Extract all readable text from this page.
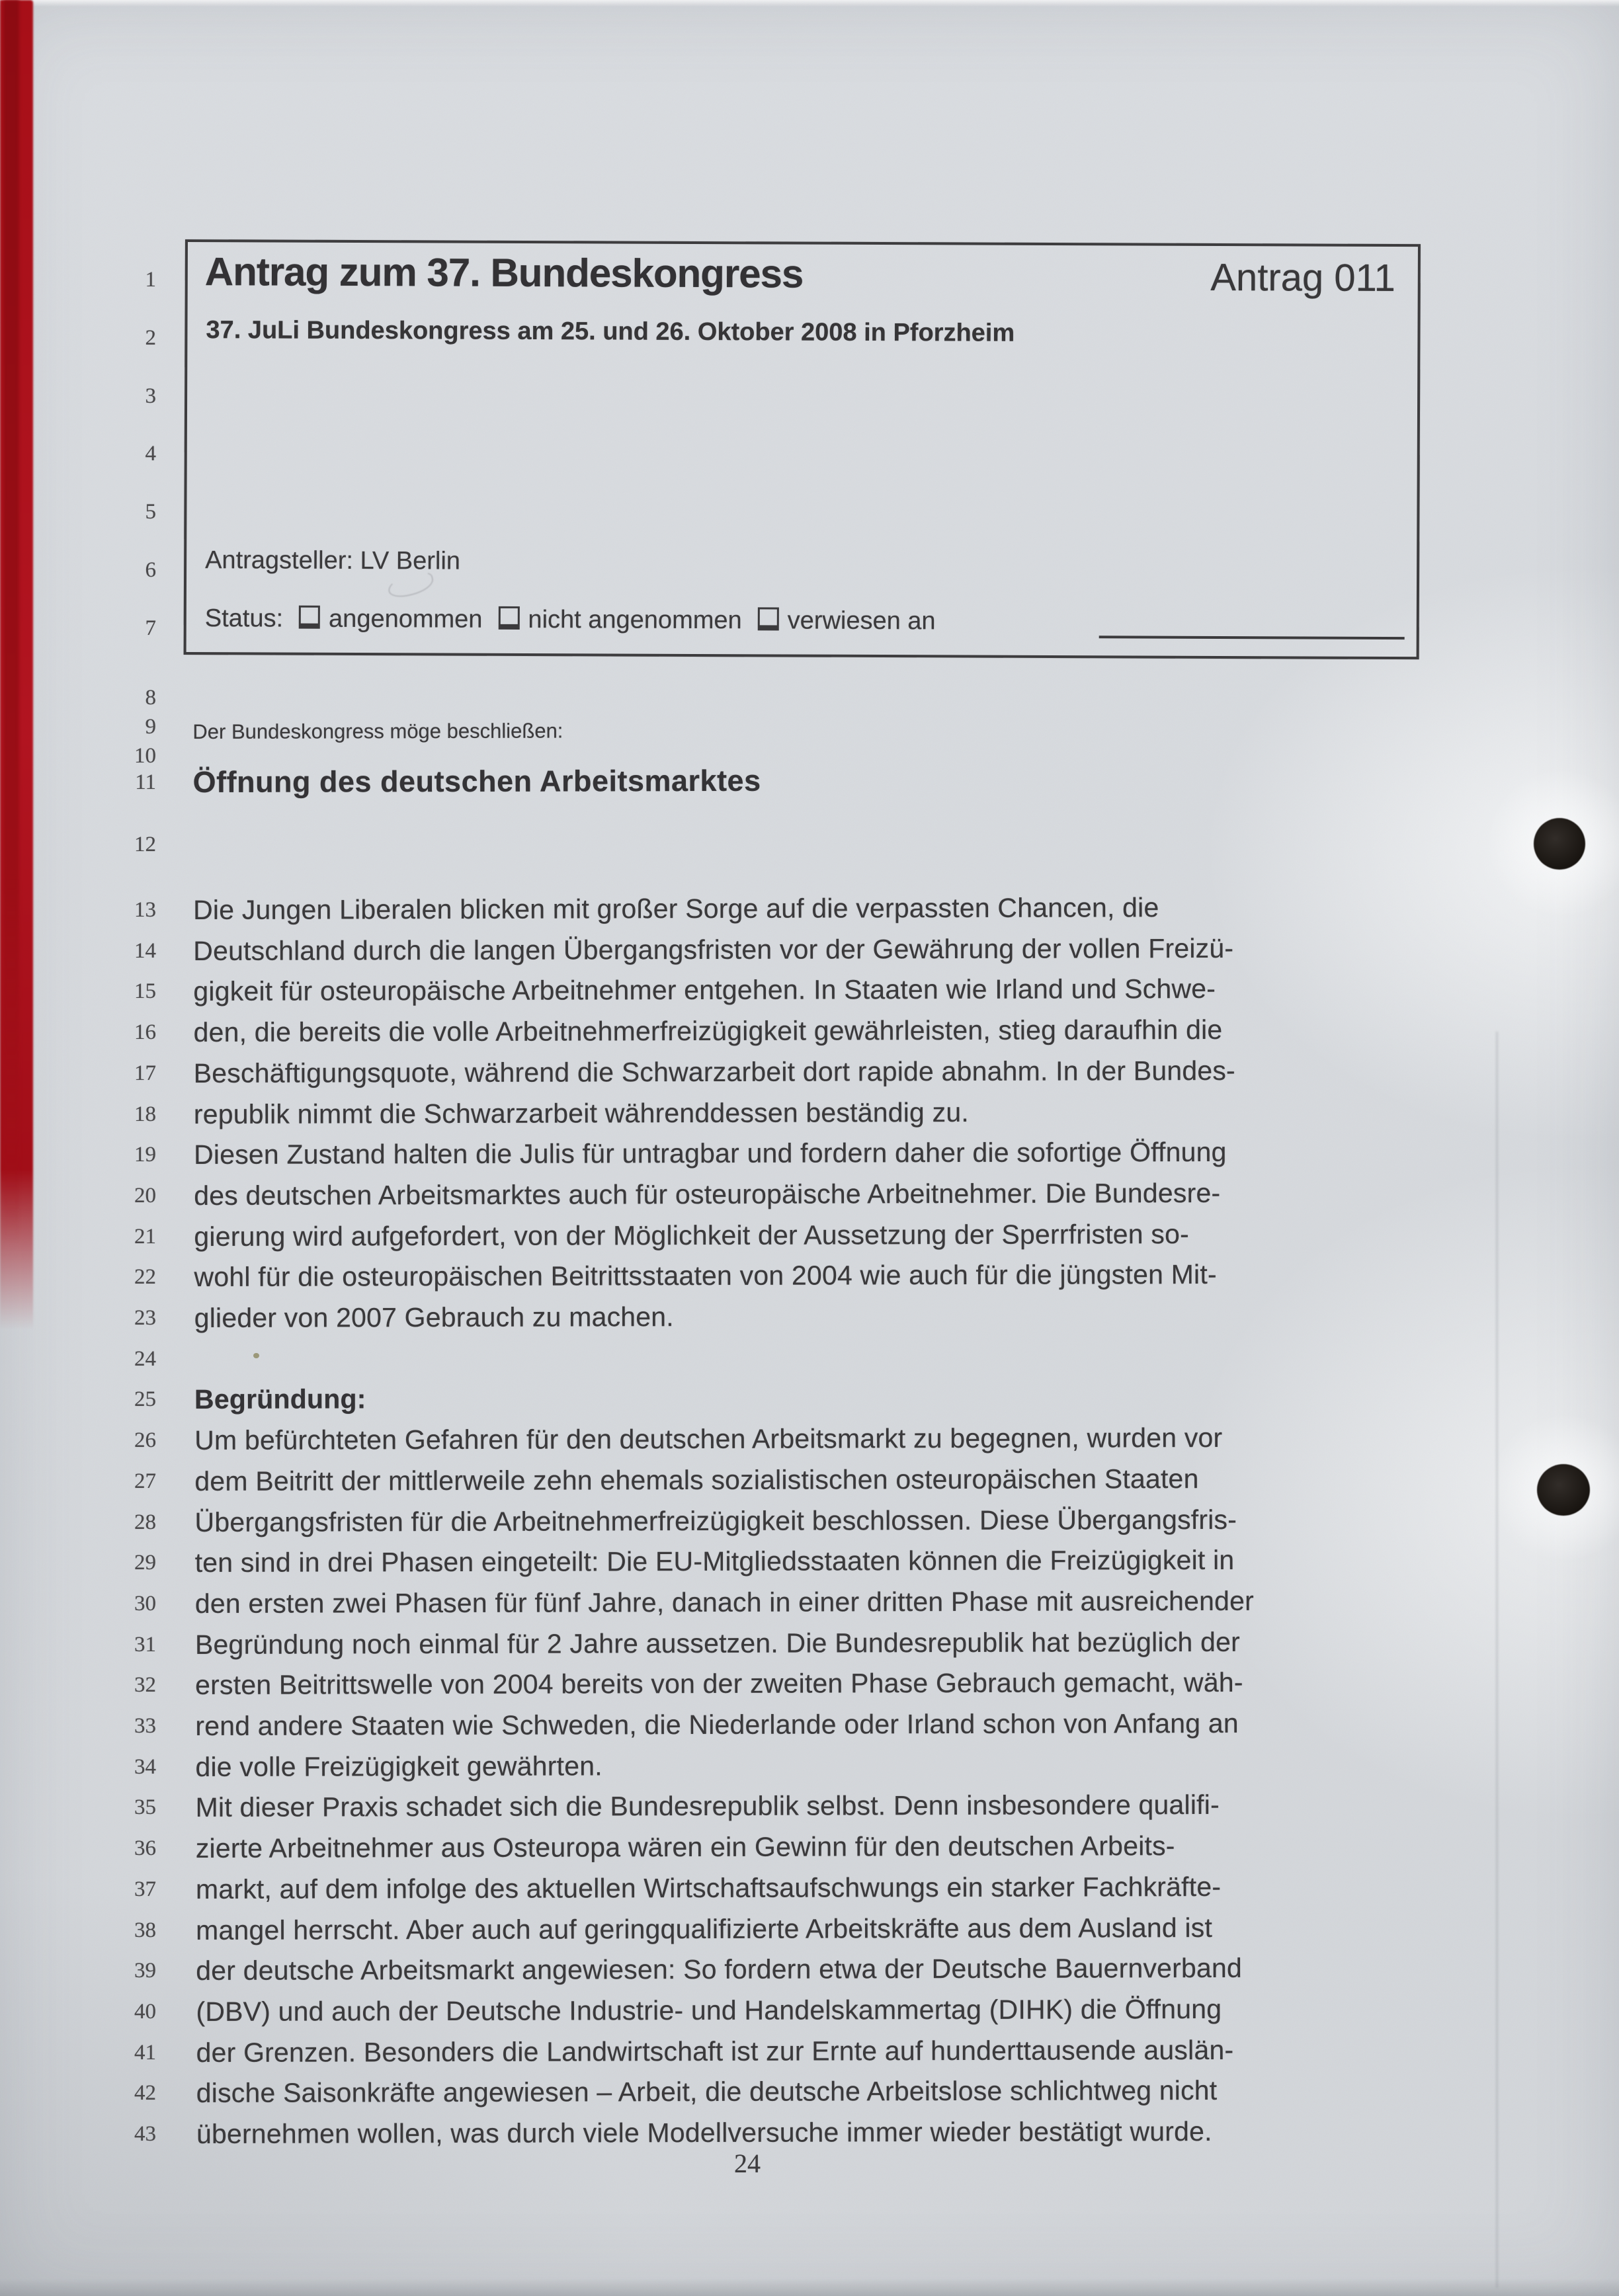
1
2
3
4
5
6
7
8
9
10
11
12
13
14
15
16
17
18
19
20
21
22
23
24
25
26
27
28
29
30
31
32
33
34
35
36
37
38
39
40
41
42
43
Antrag zum 37. Bundeskongress	Antrag 011
37. JuLi Bundeskongress am 25. und 26. Oktober 2008 in Pforzheim
Antragsteller: LV Berlin
Status: angenommen nicht angenommen verwiesen an
Der Bundeskongress möge beschließen:
Öffnung des deutschen Arbeitsmarktes
Die Jungen Liberalen blicken mit großer Sorge auf die verpassten Chancen, die
Deutschland durch die langen Übergangsfristen vor der Gewährung der vollen Freizü-
gigkeit für osteuropäische Arbeitnehmer entgehen. In Staaten wie Irland und Schwe-
den, die bereits die volle Arbeitnehmerfreizügigkeit gewährleisten, stieg daraufhin die
Beschäftigungsquote, während die Schwarzarbeit dort rapide abnahm. In der Bundes-
republik nimmt die Schwarzarbeit währenddessen beständig zu.
Diesen Zustand halten die Julis für untragbar und fordern daher die sofortige Öffnung
des deutschen Arbeitsmarktes auch für osteuropäische Arbeitnehmer. Die Bundesre-
gierung wird aufgefordert, von der Möglichkeit der Aussetzung der Sperrfristen so-
wohl für die osteuropäischen Beitrittsstaaten von 2004 wie auch für die jüngsten Mit-
glieder von 2007 Gebrauch zu machen.
Begründung:
Um befürchteten Gefahren für den deutschen Arbeitsmarkt zu begegnen, wurden vor
dem Beitritt der mittlerweile zehn ehemals sozialistischen osteuropäischen Staaten
Übergangsfristen für die Arbeitnehmerfreizügigkeit beschlossen. Diese Übergangsfris-
ten sind in drei Phasen eingeteilt: Die EU-Mitgliedsstaaten können die Freizügigkeit in
den ersten zwei Phasen für fünf Jahre, danach in einer dritten Phase mit ausreichender
Begründung noch einmal für 2 Jahre aussetzen. Die Bundesrepublik hat bezüglich der
ersten Beitrittswelle von 2004 bereits von der zweiten Phase Gebrauch gemacht, wäh-
rend andere Staaten wie Schweden, die Niederlande oder Irland schon von Anfang an
die volle Freizügigkeit gewährten.
Mit dieser Praxis schadet sich die Bundesrepublik selbst. Denn insbesondere qualifi-
zierte Arbeitnehmer aus Osteuropa wären ein Gewinn für den deutschen Arbeits-
markt, auf dem infolge des aktuellen Wirtschaftsaufschwungs ein starker Fachkräfte-
mangel herrscht. Aber auch auf geringqualifizierte Arbeitskräfte aus dem Ausland ist
der deutsche Arbeitsmarkt angewiesen: So fordern etwa der Deutsche Bauernverband
(DBV) und auch der Deutsche Industrie- und Handelskammertag (DIHK) die Öffnung
der Grenzen. Besonders die Landwirtschaft ist zur Ernte auf hunderttausende auslän-
dische Saisonkräfte angewiesen – Arbeit, die deutsche Arbeitslose schlichtweg nicht
übernehmen wollen, was durch viele Modellversuche immer wieder bestätigt wurde.
24
